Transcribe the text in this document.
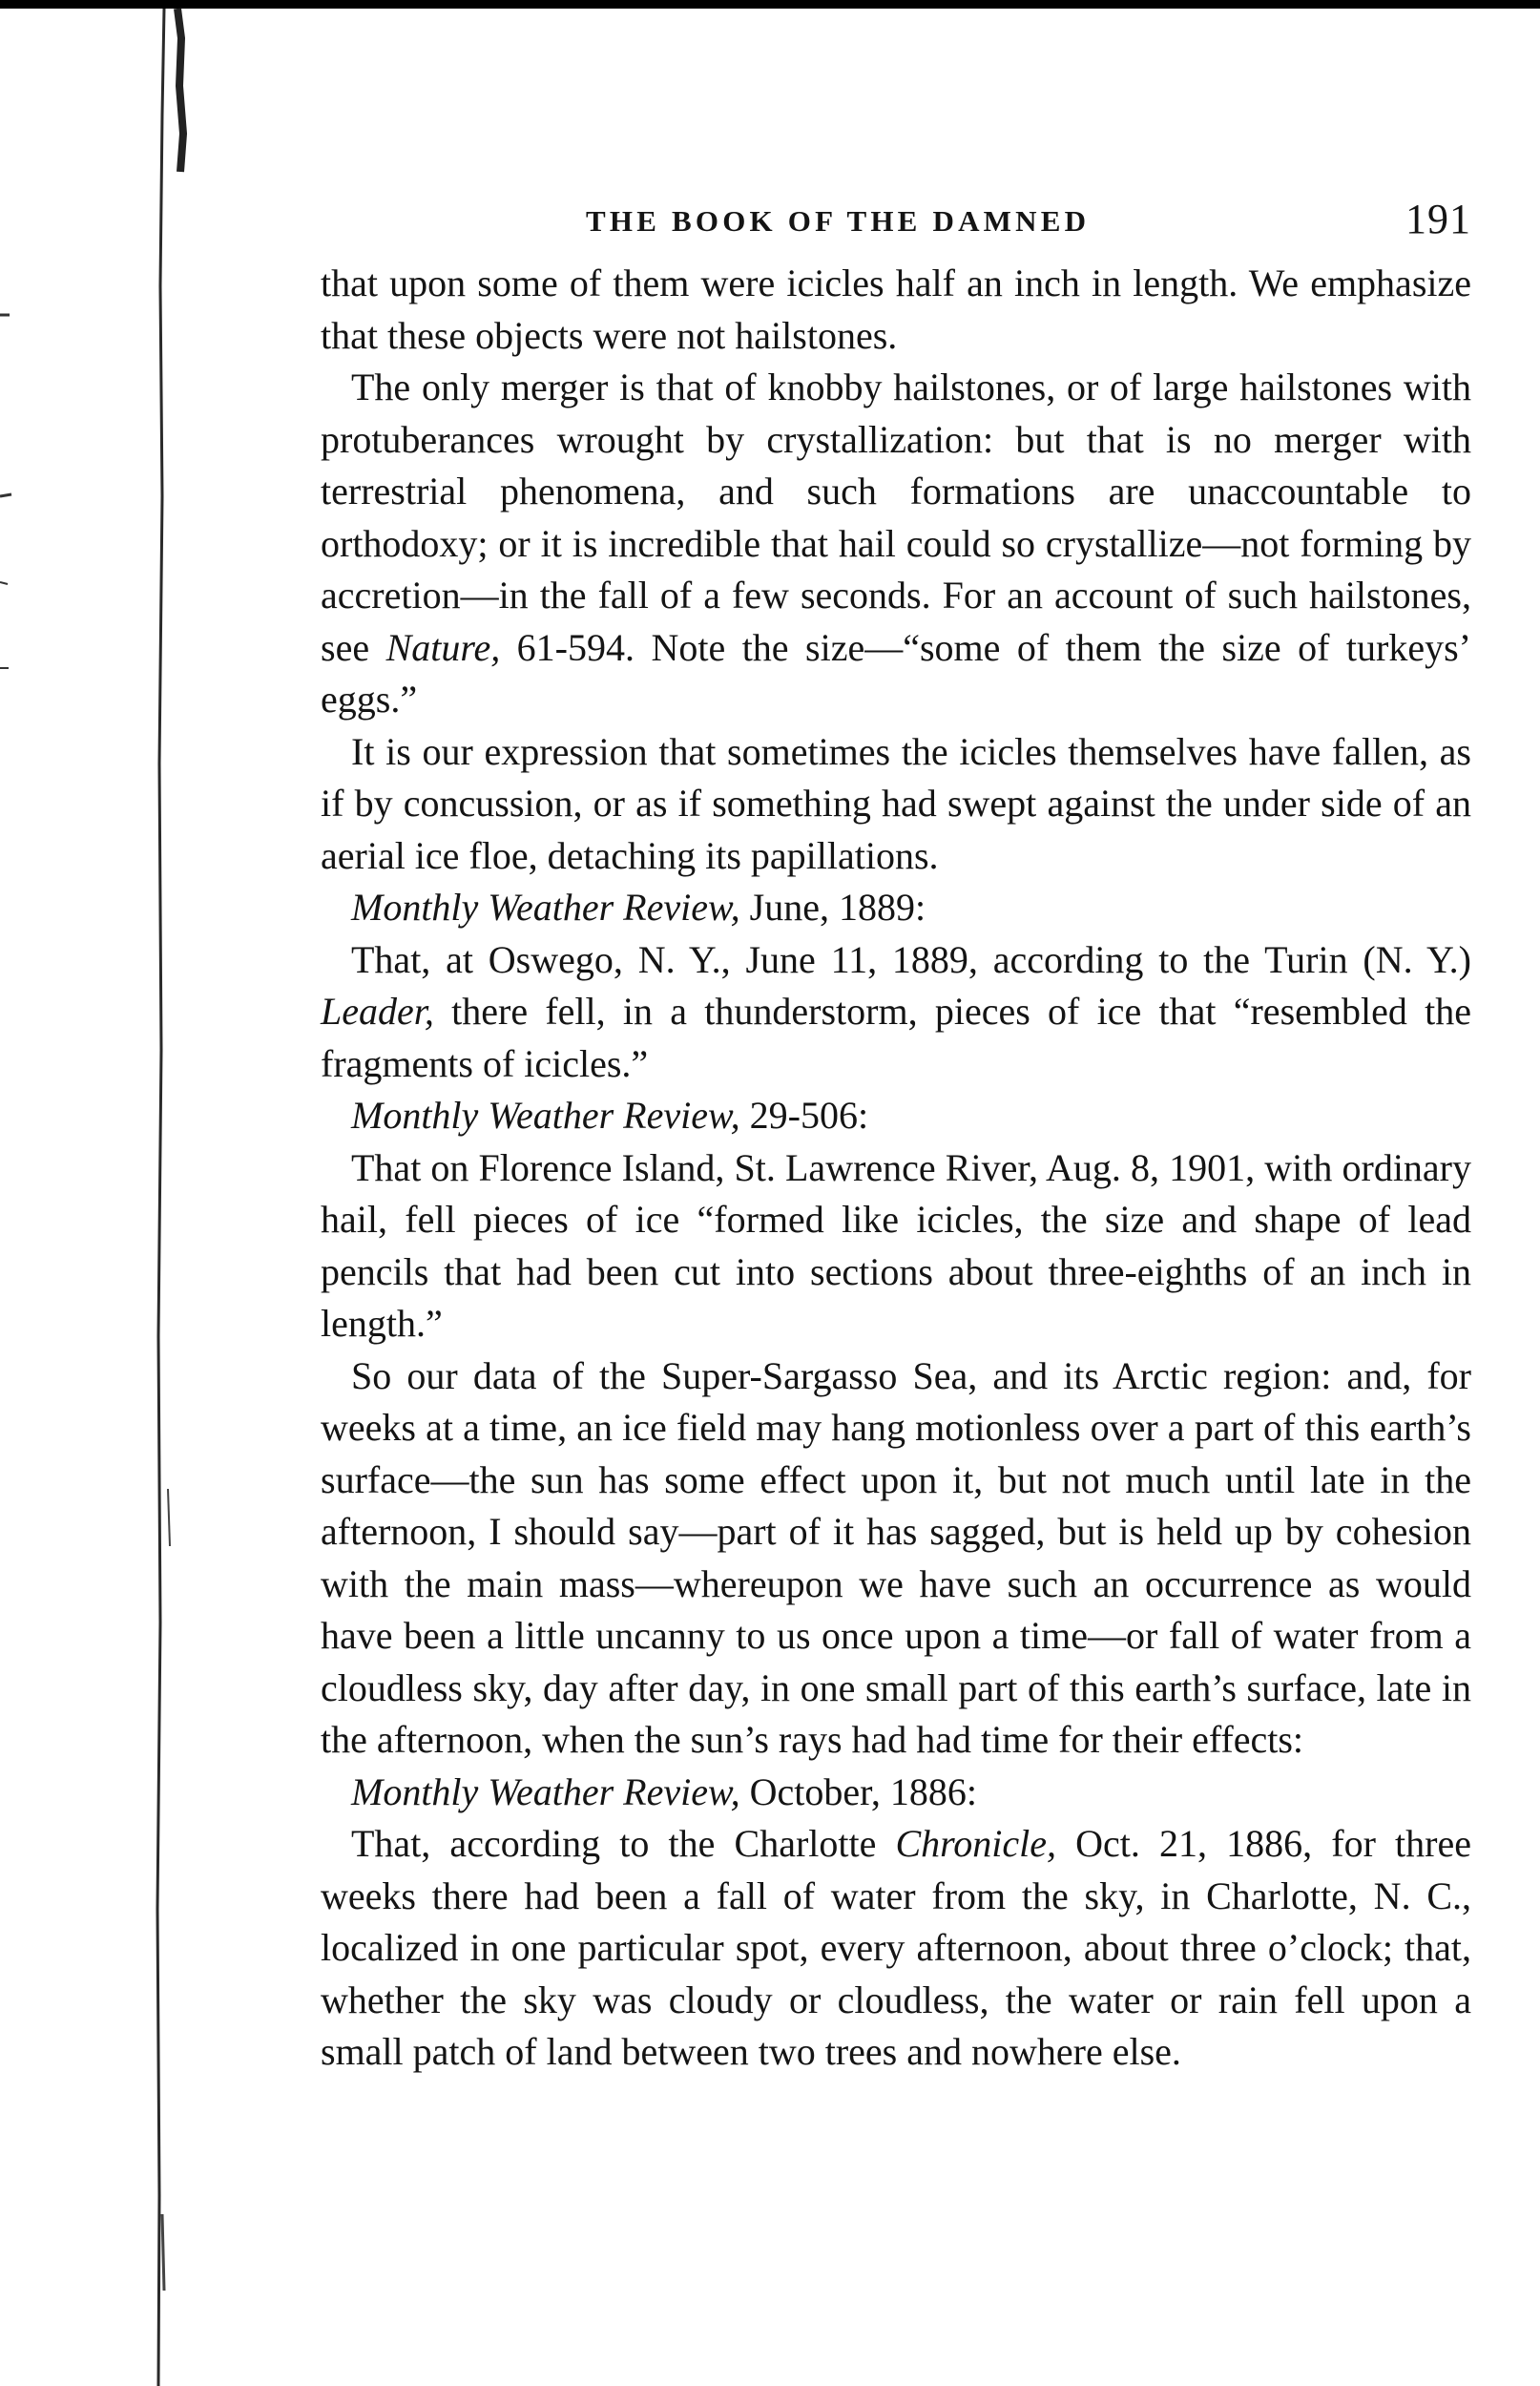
THE BOOK OF THE DAMNED	191

that upon some of them were icicles half an inch in length. We emphasize that these objects were not hailstones.

The only merger is that of knobby hailstones, or of large hailstones with protuberances wrought by crystallization: but that is no merger with terrestrial phenomena, and such formations are unaccountable to orthodoxy; or it is incredible that hail could so crystallize—not forming by accretion—in the fall of a few seconds. For an account of such hailstones, see Nature, 61-594. Note the size—“some of them the size of turkeys’ eggs.”

It is our expression that sometimes the icicles themselves have fallen, as if by concussion, or as if something had swept against the under side of an aerial ice floe, detaching its papillations.

Monthly Weather Review, June, 1889:

That, at Oswego, N. Y., June 11, 1889, according to the Turin (N. Y.) Leader, there fell, in a thunderstorm, pieces of ice that “resembled the fragments of icicles.”

Monthly Weather Review, 29-506:

That on Florence Island, St. Lawrence River, Aug. 8, 1901, with ordinary hail, fell pieces of ice “formed like icicles, the size and shape of lead pencils that had been cut into sections about three-eighths of an inch in length.”

So our data of the Super-Sargasso Sea, and its Arctic region: and, for weeks at a time, an ice field may hang motionless over a part of this earth’s surface—the sun has some effect upon it, but not much until late in the afternoon, I should say—part of it has sagged, but is held up by cohesion with the main mass—whereupon we have such an occurrence as would have been a little uncanny to us once upon a time—or fall of water from a cloudless sky, day after day, in one small part of this earth’s surface, late in the afternoon, when the sun’s rays had had time for their effects:

Monthly Weather Review, October, 1886:

That, according to the Charlotte Chronicle, Oct. 21, 1886, for three weeks there had been a fall of water from the sky, in Charlotte, N. C., localized in one particular spot, every afternoon, about three o’clock; that, whether the sky was cloudy or cloudless, the water or rain fell upon a small patch of land between two trees and nowhere else.
